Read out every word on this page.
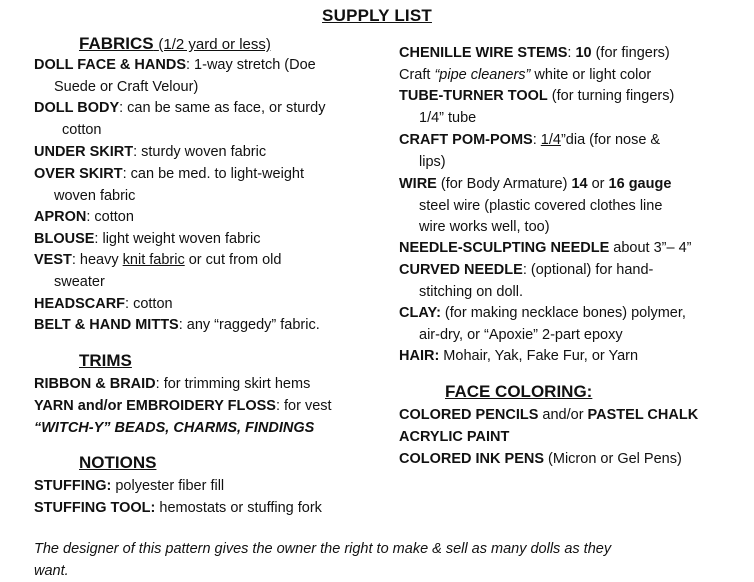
SUPPLY LIST
FABRICS (1/2 yard or less)
DOLL FACE & HANDS: 1-way stretch (Doe
Suede or Craft Velour)
DOLL BODY: can be same as face, or sturdy
cotton
UNDER SKIRT: sturdy woven fabric
OVER SKIRT: can be med. to light-weight
woven fabric
APRON: cotton
BLOUSE: light weight woven fabric
VEST: heavy knit fabric or cut from old
sweater
HEADSCARF: cotton
BELT & HAND MITTS: any “raggedy” fabric.
TRIMS
RIBBON & BRAID: for trimming skirt hems
YARN and/or EMBROIDERY FLOSS: for vest
“WITCH-Y” BEADS, CHARMS, FINDINGS
NOTIONS
STUFFING: polyester fiber fill
STUFFING TOOL: hemostats or stuffing fork
CHENILLE WIRE STEMS: 10 (for fingers)
Craft “pipe cleaners” white or light color
TUBE-TURNER TOOL (for turning fingers)
1/4” tube
CRAFT POM-POMS: 1/4”dia (for nose &
lips)
WIRE (for Body Armature) 14 or 16 gauge
steel wire (plastic covered clothes line
wire works well, too)
NEEDLE-SCULPTING NEEDLE about 3”– 4”
CURVED NEEDLE: (optional) for hand-
stitching on doll.
CLAY: (for making necklace bones) polymer,
air-dry, or “Apoxie” 2-part epoxy
HAIR: Mohair, Yak, Fake Fur, or Yarn
FACE COLORING:
COLORED PENCILS and/or PASTEL CHALK
ACRYLIC PAINT
COLORED INK PENS (Micron or Gel Pens)
The designer of this pattern gives the owner the right to make & sell as many dolls as they
want.
